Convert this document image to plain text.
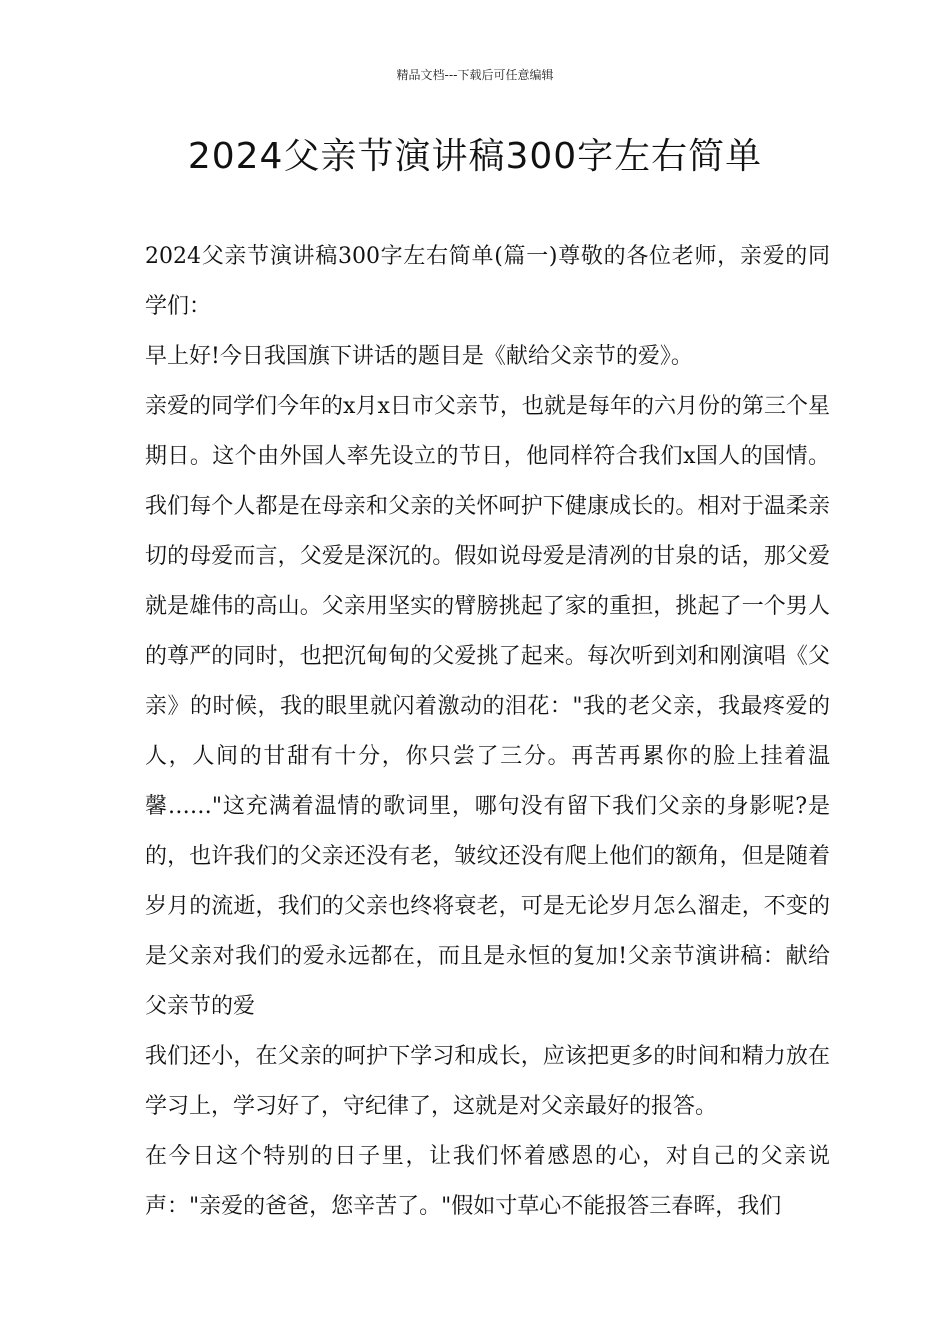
精品文档---下载后可任意编辑
2024父亲节演讲稿300字左右简单

2024父亲节演讲稿300字左右简单(篇一)尊敬的各位老师，亲爱的同学们：

早上好!今日我国旗下讲话的题目是《献给父亲节的爱》。

亲爱的同学们今年的x月x日市父亲节，也就是每年的六月份的第三个星期日。这个由外国人率先设立的节日，他同样符合我们x国人的国情。我们每个人都是在母亲和父亲的关怀呵护下健康成长的。相对于温柔亲切的母爱而言，父爱是深沉的。假如说母爱是清冽的甘泉的话，那父爱就是雄伟的高山。父亲用坚实的臂膀挑起了家的重担，挑起了一个男人的尊严的同时，也把沉甸甸的父爱挑了起来。每次听到刘和刚演唱《父亲》的时候，我的眼里就闪着激动的泪花："我的老父亲，我最疼爱的人，人间的甘甜有十分，你只尝了三分。再苦再累你的脸上挂着温馨……"这充满着温情的歌词里，哪句没有留下我们父亲的身影呢?是的，也许我们的父亲还没有老，皱纹还没有爬上他们的额角，但是随着岁月的流逝，我们的父亲也终将衰老，可是无论岁月怎么溜走，不变的是父亲对我们的爱永远都在，而且是永恒的复加!父亲节演讲稿：献给父亲节的爱

我们还小，在父亲的呵护下学习和成长，应该把更多的时间和精力放在学习上，学习好了，守纪律了，这就是对父亲最好的报答。

在今日这个特别的日子里，让我们怀着感恩的心，对自己的父亲说声："亲爱的爸爸，您辛苦了。"假如寸草心不能报答三春晖，我们
